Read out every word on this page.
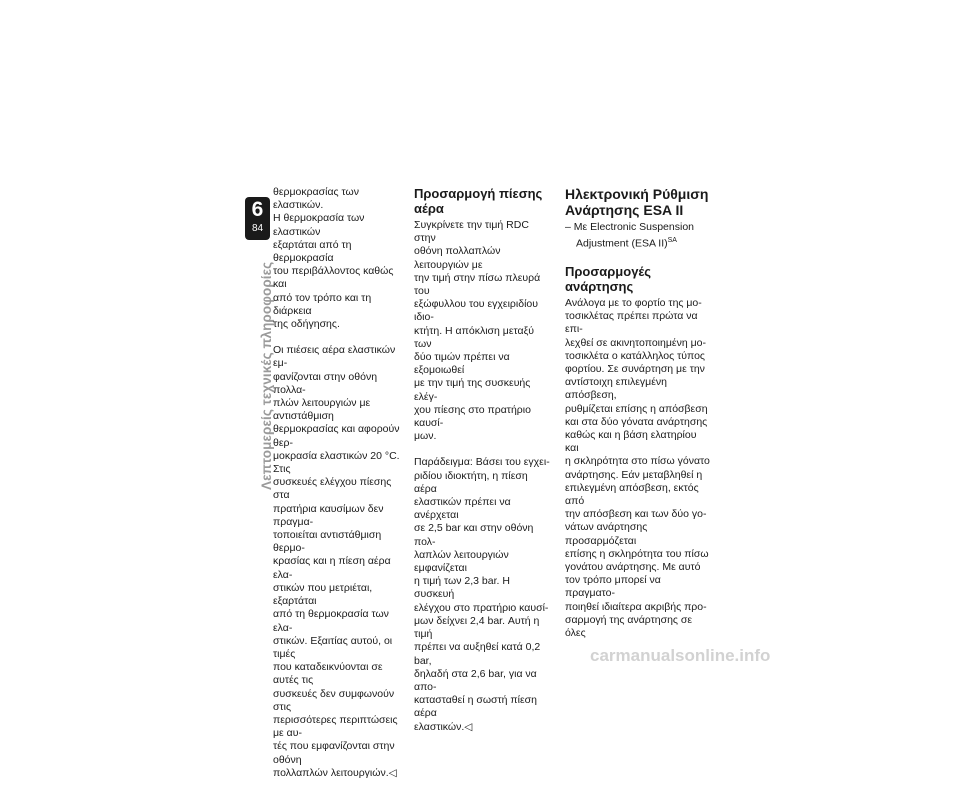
Λεπτομερείς τεχνικές πληροφορίες
6
84

θερμοκρασίας των ελαστικών.
Η θερμοκρασία των ελαστικών
εξαρτάται από τη θερμοκρασία
του περιβάλλοντος καθώς και
από τον τρόπο και τη διάρκεια
της οδήγησης.

Οι πιέσεις αέρα ελαστικών εμ-
φανίζονται στην οθόνη πολλα-
πλών λειτουργιών με αντιστάθμιση
θερμοκρασίας και αφορούν θερ-
μοκρασία ελαστικών 20 °C. Στις
συσκευές ελέγχου πίεσης στα
πρατήρια καυσίμων δεν πραγμα-
τοποιείται αντιστάθμιση θερμο-
κρασίας και η πίεση αέρα ελα-
στικών που μετριέται, εξαρτάται
από τη θερμοκρασία των ελα-
στικών. Εξαιτίας αυτού, οι τιμές
που καταδεικνύονται σε αυτές τις
συσκευές δεν συμφωνούν στις
περισσότερες περιπτώσεις με αυ-
τές που εμφανίζονται στην οθόνη
πολλαπλών λειτουργιών.◁

Προσαρμογή πίεσης αέρα

Συγκρίνετε την τιμή RDC στην
οθόνη πολλαπλών λειτουργιών με
την τιμή στην πίσω πλευρά του
εξώφυλλου του εγχειριδίου ιδιο-
κτήτη. Η απόκλιση μεταξύ των
δύο τιμών πρέπει να εξομοιωθεί
με την τιμή της συσκευής ελέγ-
χου πίεσης στο πρατήριο καυσί-
μων.

Παράδειγμα: Βάσει του εγχει-
ριδίου ιδιοκτήτη, η πίεση αέρα
ελαστικών πρέπει να ανέρχεται
σε 2,5 bar και στην οθόνη πολ-
λαπλών λειτουργιών εμφανίζεται
η τιμή των 2,3 bar. Η συσκευή
ελέγχου στο πρατήριο καυσί-
μων δείχνει 2,4 bar. Αυτή η τιμή
πρέπει να αυξηθεί κατά 0,2 bar,
δηλαδή στα 2,6 bar, για να απο-
κατασταθεί η σωστή πίεση αέρα
ελαστικών.◁

Ηλεκτρονική Ρύθμιση
Ανάρτησης ESA II

– Με Electronic Suspension
Adjustment (ESA II)$^{SA}$

Προσαρμογές ανάρτησης

Ανάλογα με το φορτίο της μο-
τοσικλέτας πρέπει πρώτα να επι-
λεχθεί σε ακινητοποιημένη μο-
τοσικλέτα ο κατάλληλος τύπος
φορτίου. Σε συνάρτηση με την
αντίστοιχη επιλεγμένη απόσβεση,
ρυθμίζεται επίσης η απόσβεση
και στα δύο γόνατα ανάρτησης
καθώς και η βάση ελατηρίου και
η σκληρότητα στο πίσω γόνατο
ανάρτησης. Εάν μεταβληθεί η
επιλεγμένη απόσβεση, εκτός από
την απόσβεση και των δύο γο-
νάτων ανάρτησης προσαρμόζεται
επίσης η σκληρότητα του πίσω
γονάτου ανάρτησης. Με αυτό
τον τρόπο μπορεί να πραγματο-
ποιηθεί ιδιαίτερα ακριβής προ-
σαρμογή της ανάρτησης σε όλες

carmanualsonline.info
